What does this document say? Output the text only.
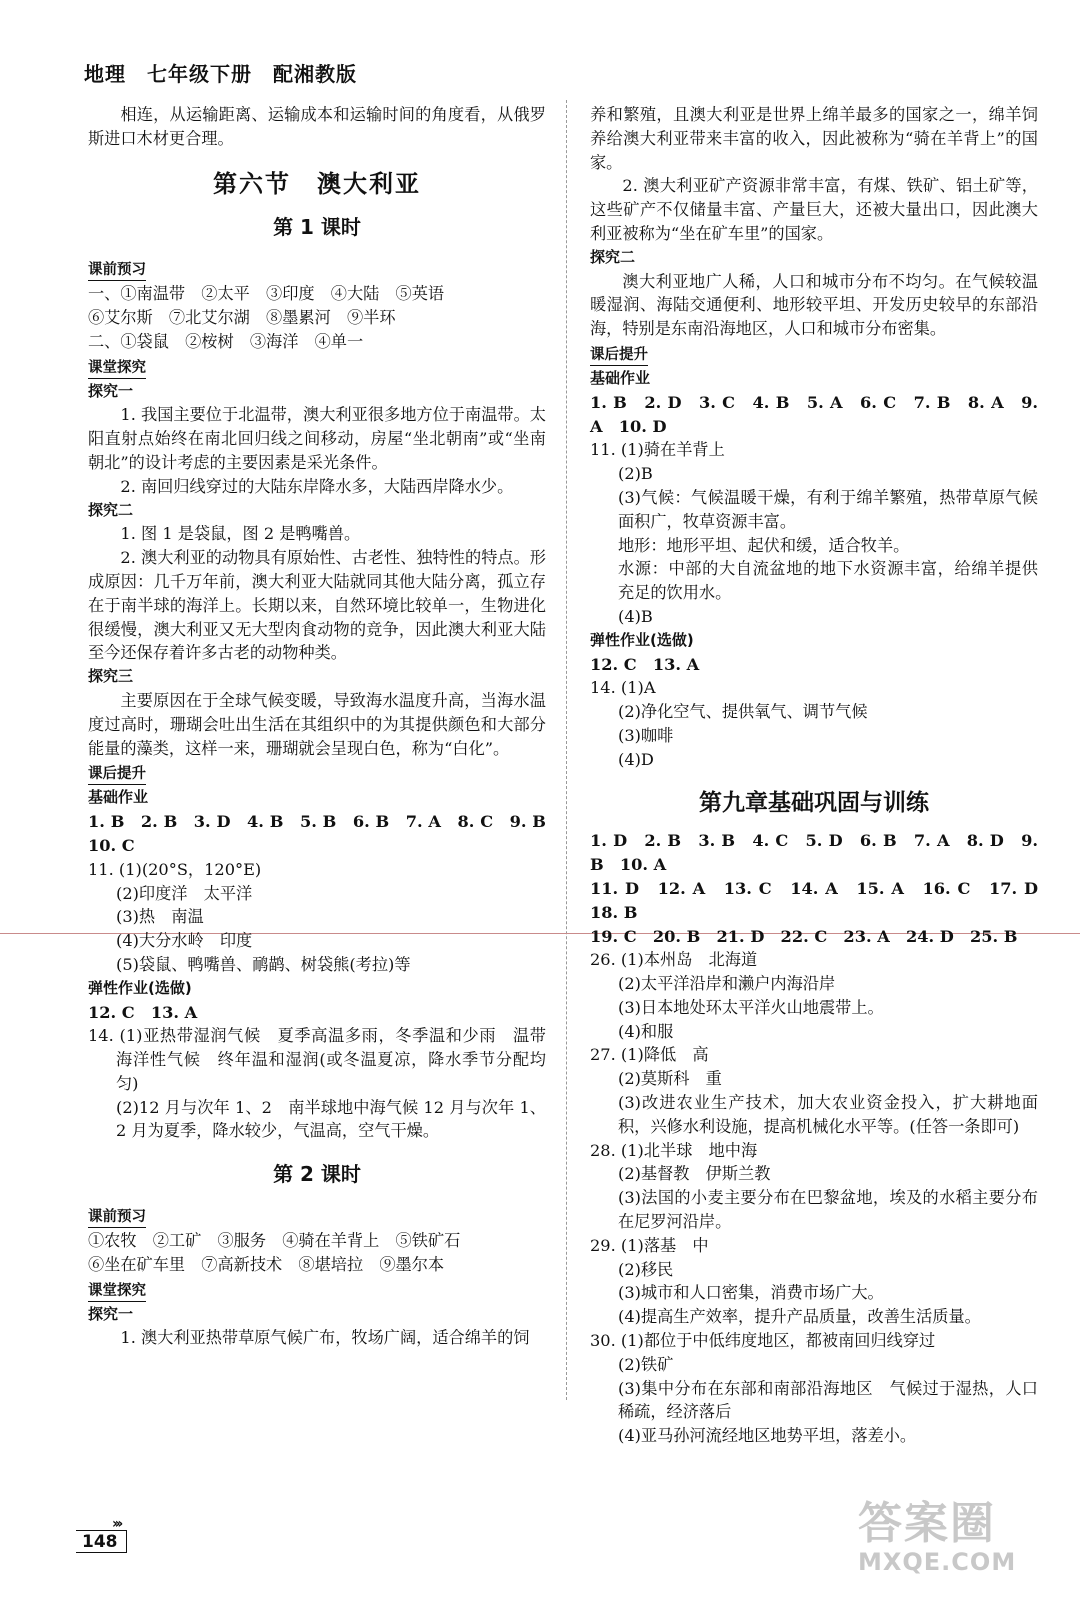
地理　七年级下册　配湘教版

相连，从运输距离、运输成本和运输时间的角度看，从俄罗斯进口木材更合理。

第六节　澳大利亚
第 1 课时
课前预习

一、①南温带　②太平　③印度　④大陆　⑤英语

⑥艾尔斯　⑦北艾尔湖　⑧墨累河　⑨半环

二、①袋鼠　②桉树　③海洋　④单一

课堂探究

探究一

1. 我国主要位于北温带，澳大利亚很多地方位于南温带。太阳直射点始终在南北回归线之间移动，房屋“坐北朝南”或“坐南朝北”的设计考虑的主要因素是采光条件。

2. 南回归线穿过的大陆东岸降水多，大陆西岸降水少。

探究二

1. 图 1 是袋鼠，图 2 是鸭嘴兽。

2. 澳大利亚的动物具有原始性、古老性、独特性的特点。形成原因：几千万年前，澳大利亚大陆就同其他大陆分离，孤立存在于南半球的海洋上。长期以来，自然环境比较单一，生物进化很缓慢，澳大利亚又无大型肉食动物的竞争，因此澳大利亚大陆至今还保存着许多古老的动物种类。

探究三

主要原因在于全球气候变暖，导致海水温度升高，当海水温度过高时，珊瑚会吐出生活在其组织中的为其提供颜色和大部分能量的藻类，这样一来，珊瑚就会呈现白色，称为“白化”。

课后提升

基础作业

1. B　2. B　3. D　4. B　5. B　6. B　7. A　8. C　9. B　10. C

11. (1)(20°S，120°E)

(2)印度洋　太平洋

(3)热　南温

(4)大分水岭　印度

(5)袋鼠、鸭嘴兽、鸸鹋、树袋熊(考拉)等

弹性作业(选做)

12. C　13. A

14. (1)亚热带湿润气候　夏季高温多雨，冬季温和少雨　温带海洋性气候　终年温和湿润(或冬温夏凉，降水季节分配均匀)

(2)12 月与次年 1、2　南半球地中海气候 12 月与次年 1、2 月为夏季，降水较少，气温高，空气干燥。

第 2 课时
课前预习

①农牧　②工矿　③服务　④骑在羊背上　⑤铁矿石

⑥坐在矿车里　⑦高新技术　⑧堪培拉　⑨墨尔本

课堂探究

探究一

1. 澳大利亚热带草原气候广布，牧场广阔，适合绵羊的饲

养和繁殖，且澳大利亚是世界上绵羊最多的国家之一，绵羊饲养给澳大利亚带来丰富的收入，因此被称为“骑在羊背上”的国家。

2. 澳大利亚矿产资源非常丰富，有煤、铁矿、铝土矿等，这些矿产不仅储量丰富、产量巨大，还被大量出口，因此澳大利亚被称为“坐在矿车里”的国家。

探究二

澳大利亚地广人稀，人口和城市分布不均匀。在气候较温暖湿润、海陆交通便利、地形较平坦、开发历史较早的东部沿海，特别是东南沿海地区，人口和城市分布密集。

课后提升

基础作业

1. B　2. D　3. C　4. B　5. A　6. C　7. B　8. A　9. A　10. D

11. (1)骑在羊背上

(2)B

(3)气候：气候温暖干燥，有利于绵羊繁殖，热带草原气候面积广，牧草资源丰富。

地形：地形平坦、起伏和缓，适合牧羊。

水源：中部的大自流盆地的地下水资源丰富，给绵羊提供充足的饮用水。

(4)B

弹性作业(选做)

12. C　13. A

14. (1)A

(2)净化空气、提供氧气、调节气候

(3)咖啡

(4)D

第九章基础巩固与训练

1. D　2. B　3. B　4. C　5. D　6. B　7. A　8. D　9. B　10. A

11. D　12. A　13. C　14. A　15. A　16. C　17. D　18. B

19. C　20. B　21. D　22. C　23. A　24. D　25. B

26. (1)本州岛　北海道

(2)太平洋沿岸和濑户内海沿岸

(3)日本地处环太平洋火山地震带上。

(4)和服

27. (1)降低　高

(2)莫斯科　重

(3)改进农业生产技术，加大农业资金投入，扩大耕地面积，兴修水利设施，提高机械化水平等。(任答一条即可)

28. (1)北半球　地中海

(2)基督教　伊斯兰教

(3)法国的小麦主要分布在巴黎盆地，埃及的水稻主要分布在尼罗河沿岸。

29. (1)落基　中

(2)移民

(3)城市和人口密集，消费市场广大。

(4)提高生产效率，提升产品质量，改善生活质量。

30. (1)都位于中低纬度地区，都被南回归线穿过

(2)铁矿

(3)集中分布在东部和南部沿海地区　气候过于湿热，人口稀疏，经济落后

(4)亚马孙河流经地区地势平坦，落差小。

›››
148	答案圈
MXQE.COM
